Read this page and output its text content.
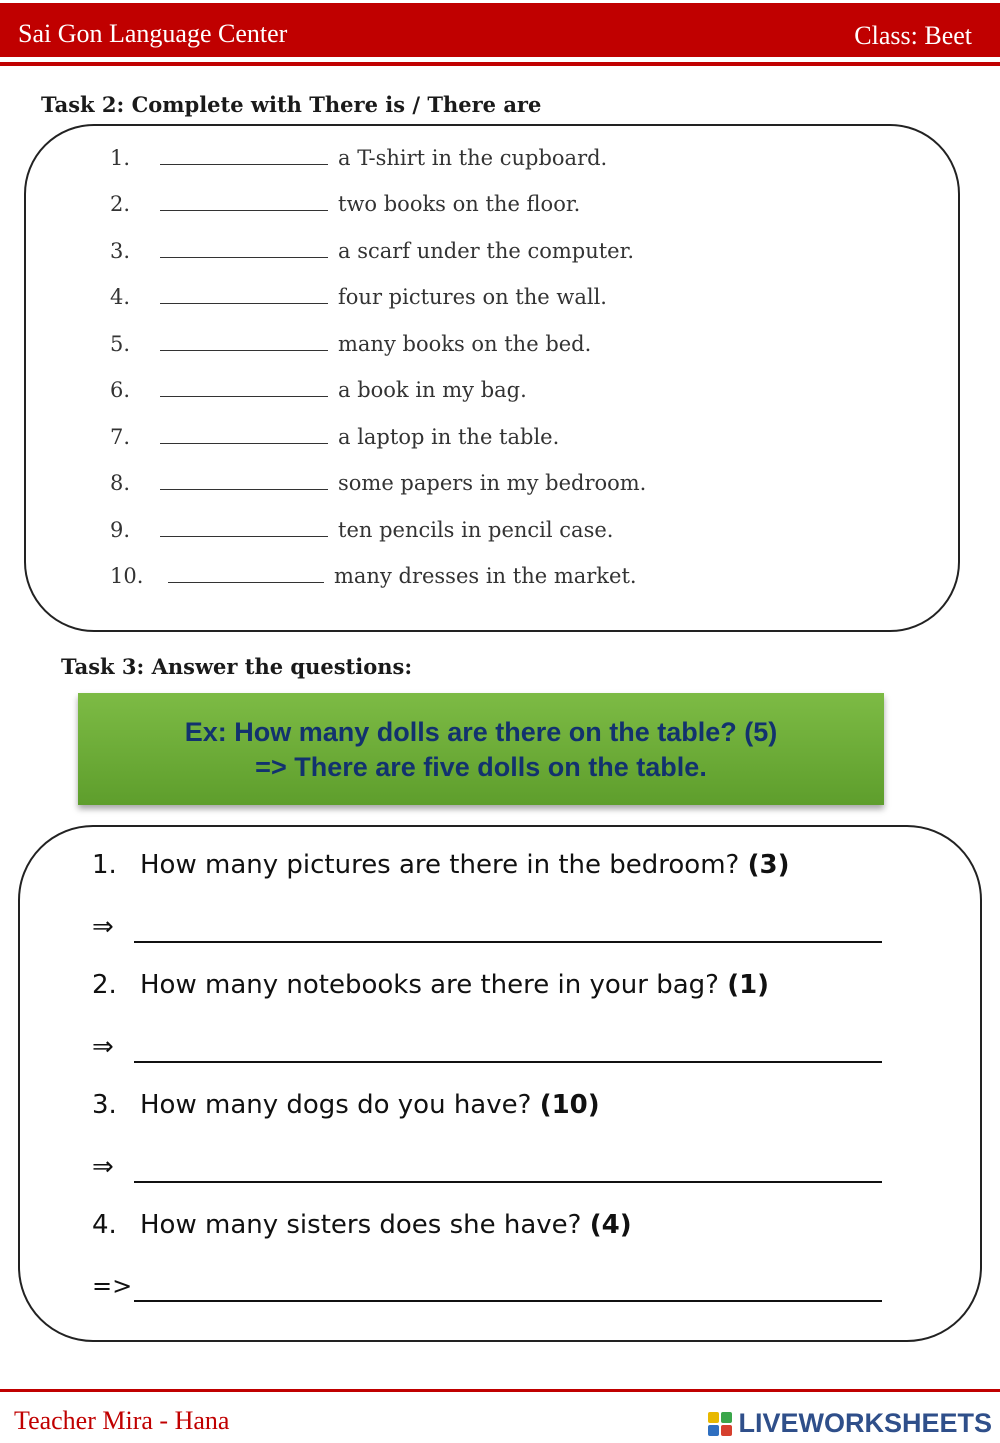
Sai Gon Language Center	Class: Beet
Task 2: Complete with There is / There are
1.	a T-shirt in the cupboard.
2.	two books on the floor.
3.	a scarf under the computer.
4.	four pictures on the wall.
5.	many books on the bed.
6.	a book in my bag.
7.	a laptop in the table.
8.	some papers in my bedroom.
9.	ten pencils in pencil case.
10.	many dresses in the market.
Task 3: Answer the questions:
Ex: How many dolls are there on the table? (5)
=> There are five dolls on the table.
1. How many pictures are there in the bedroom? (3)
⇒
2. How many notebooks are there in your bag? (1)
⇒
3. How many dogs do you have? (10)
⇒
4. How many sisters does she have? (4)
=>
Teacher Mira - Hana	LIVEWORKSHEETS
